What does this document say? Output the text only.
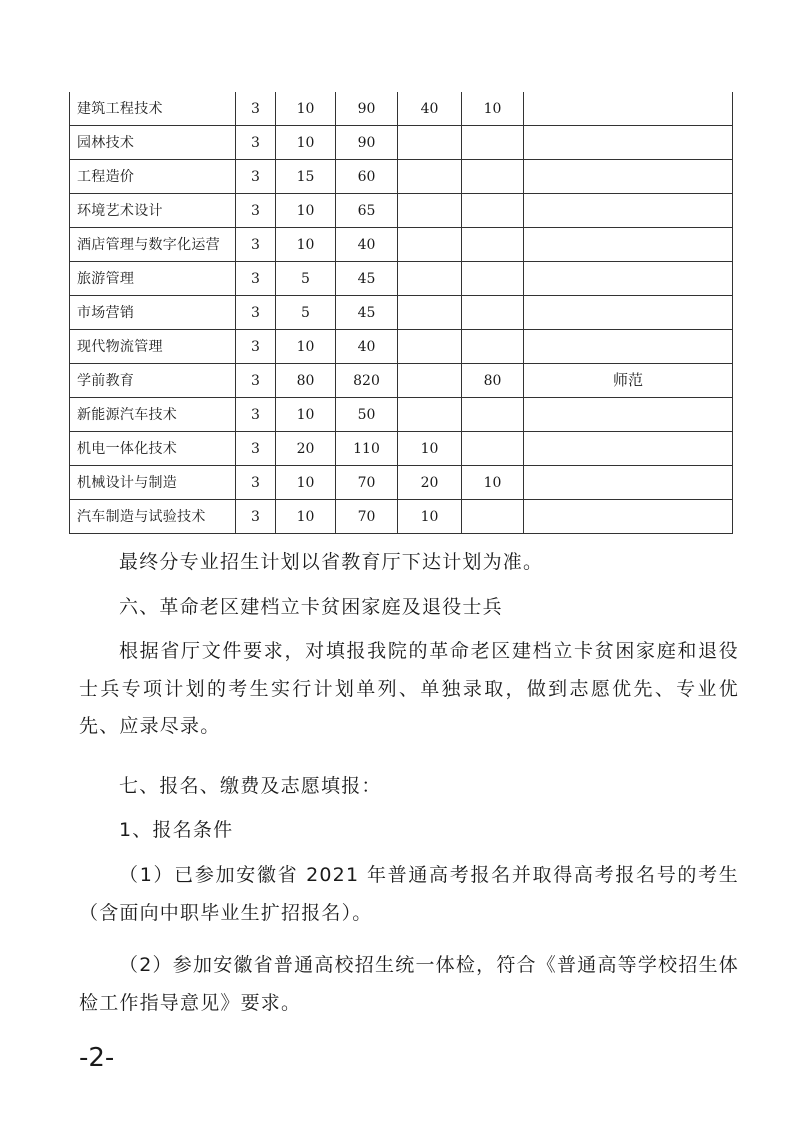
建筑工程技术	3	10	90	40	10	
园林技术	3	10	90			
工程造价	3	15	60			
环境艺术设计	3	10	65			
酒店管理与数字化运营	3	10	40			
旅游管理	3	5	45			
市场营销	3	5	45			
现代物流管理	3	10	40			
学前教育	3	80	820		80	师范
新能源汽车技术	3	10	50			
机电一体化技术	3	20	110	10		
机械设计与制造	3	10	70	20	10	
汽车制造与试验技术	3	10	70	10		

最终分专业招生计划以省教育厅下达计划为准。

六、革命老区建档立卡贫困家庭及退役士兵

根据省厅文件要求，对填报我院的革命老区建档立卡贫困家庭和退役士兵专项计划的考生实行计划单列、单独录取，做到志愿优先、专业优先、应录尽录。

七、报名、缴费及志愿填报：

1、报名条件

（1）已参加安徽省 2021 年普通高考报名并取得高考报名号的考生（含面向中职毕业生扩招报名）。

（2）参加安徽省普通高校招生统一体检，符合《普通高等学校招生体检工作指导意见》要求。

-2-
